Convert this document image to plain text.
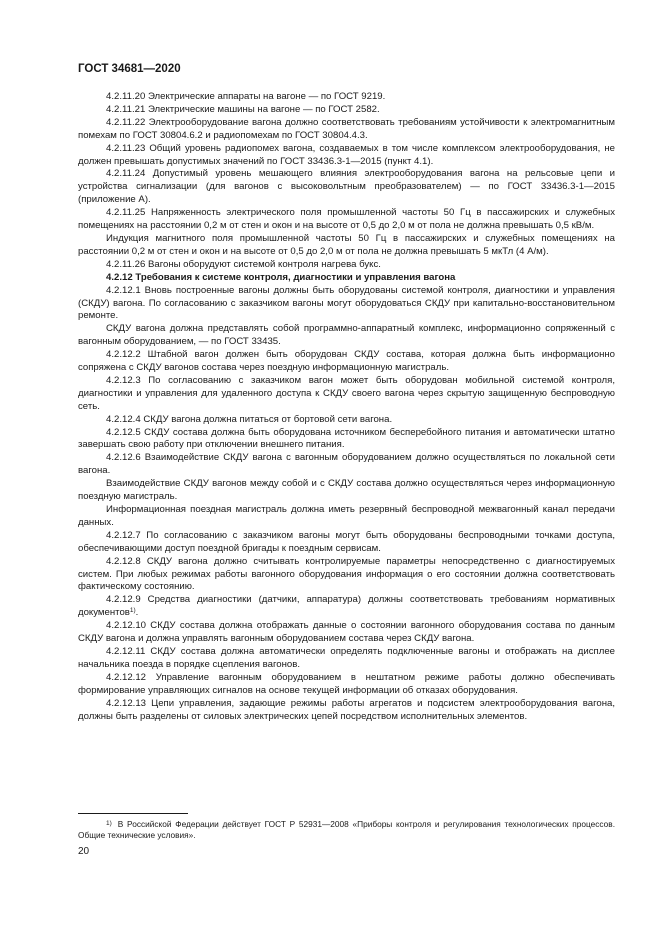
ГОСТ 34681—2020

4.2.11.20 Электрические аппараты на вагоне — по ГОСТ 9219.

4.2.11.21 Электрические машины на вагоне — по ГОСТ 2582.

4.2.11.22 Электрооборудование вагона должно соответствовать требованиям устойчивости к электромагнитным помехам по ГОСТ 30804.6.2 и радиопомехам по ГОСТ 30804.4.3.

4.2.11.23 Общий уровень радиопомех вагона, создаваемых в том числе комплексом электрооборудования, не должен превышать допустимых значений по ГОСТ 33436.3-1—2015 (пункт 4.1).

4.2.11.24 Допустимый уровень мешающего влияния электрооборудования вагона на рельсовые цепи и устройства сигнализации (для вагонов с высоковольтным преобразователем) — по ГОСТ 33436.3-1—2015 (приложение А).

4.2.11.25 Напряженность электрического поля промышленной частоты 50 Гц в пассажирских и служебных помещениях на расстоянии 0,2 м от стен и окон и на высоте от 0,5 до 2,0 м от пола не должна превышать 0,5 кВ/м.

Индукция магнитного поля промышленной частоты 50 Гц в пассажирских и служебных помещениях на расстоянии 0,2 м от стен и окон и на высоте от 0,5 до 2,0 м от пола не должна превышать 5 мкТл (4 А/м).

4.2.11.26 Вагоны оборудуют системой контроля нагрева букс.

4.2.12 Требования к системе контроля, диагностики и управления вагона

4.2.12.1 Вновь построенные вагоны должны быть оборудованы системой контроля, диагностики и управления (СКДУ) вагона. По согласованию с заказчиком вагоны могут оборудоваться СКДУ при капитально-восстановительном ремонте.

СКДУ вагона должна представлять собой программно-аппаратный комплекс, информационно сопряженный с вагонным оборудованием, — по ГОСТ 33435.

4.2.12.2 Штабной вагон должен быть оборудован СКДУ состава, которая должна быть информационно сопряжена с СКДУ вагонов состава через поездную информационную магистраль.

4.2.12.3 По согласованию с заказчиком вагон может быть оборудован мобильной системой контроля, диагностики и управления для удаленного доступа к СКДУ своего вагона через скрытую защищенную беспроводную сеть.

4.2.12.4 СКДУ вагона должна питаться от бортовой сети вагона.

4.2.12.5 СКДУ состава должна быть оборудована источником бесперебойного питания и автоматически штатно завершать свою работу при отключении внешнего питания.

4.2.12.6 Взаимодействие СКДУ вагона с вагонным оборудованием должно осуществляться по локальной сети вагона.

Взаимодействие СКДУ вагонов между собой и с СКДУ состава должно осуществляться через информационную поездную магистраль.

Информационная поездная магистраль должна иметь резервный беспроводной межвагонный канал передачи данных.

4.2.12.7 По согласованию с заказчиком вагоны могут быть оборудованы беспроводными точками доступа, обеспечивающими доступ поездной бригады к поездным сервисам.

4.2.12.8 СКДУ вагона должно считывать контролируемые параметры непосредственно с диагностируемых систем. При любых режимах работы вагонного оборудования информация о его состоянии должна соответствовать фактическому состоянию.

4.2.12.9 Средства диагностики (датчики, аппаратура) должны соответствовать требованиям нормативных документов$^{1)}$.

4.2.12.10 СКДУ состава должна отображать данные о состоянии вагонного оборудования состава по данным СКДУ вагона и должна управлять вагонным оборудованием состава через СКДУ вагона.

4.2.12.11 СКДУ состава должна автоматически определять подключенные вагоны и отображать на дисплее начальника поезда в порядке сцепления вагонов.

4.2.12.12 Управление вагонным оборудованием в нештатном режиме работы должно обеспечивать формирование управляющих сигналов на основе текущей информации об отказах оборудования.

4.2.12.13 Цепи управления, задающие режимы работы агрегатов и подсистем электрооборудования вагона, должны быть разделены от силовых электрических цепей посредством исполнительных элементов.

$^{1)}$ В Российской Федерации действует ГОСТ Р 52931—2008 «Приборы контроля и регулирования технологических процессов. Общие технические условия».

20
